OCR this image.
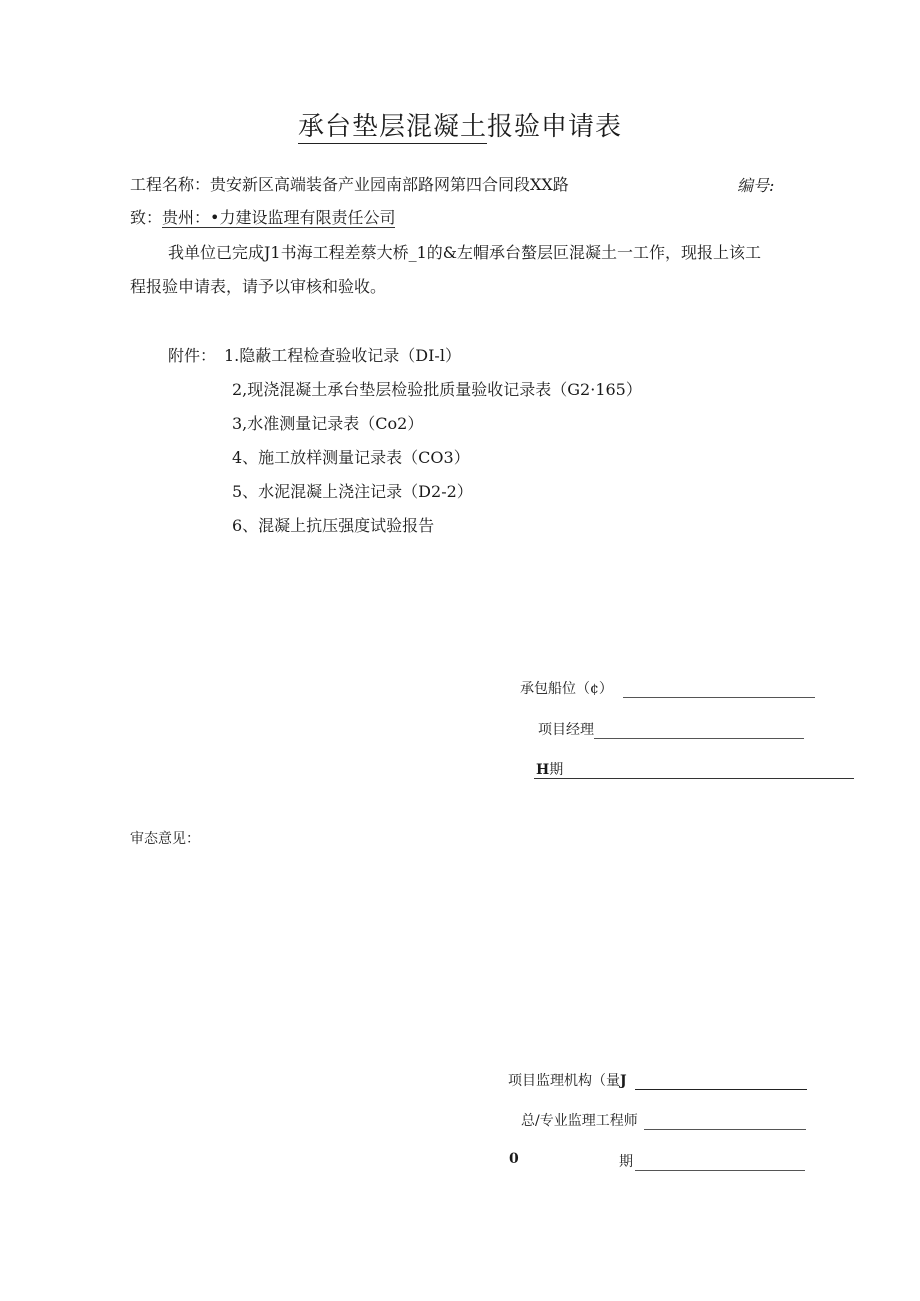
承台垫层混凝土报验申请表
工程名称：贵安新区高端装备产业园南部路网第四合同段XX路	编号:
致：贵州：•力建设监理有限责任公司
我单位已完成J1书海工程差蔡大桥_1的&左帽承台螯层叵混凝土一工作，现报上该工
程报验申请表，请予以审核和验收。
附件： 1.隐蔽工程检查验收记录（DI-l）
2,现浇混凝土承台垫层检验批质量验收记录表（G2·165）
3,水准测量记录表（Co2）
4、施工放样测量记录表（CO3）
5、水泥混凝上浇注记录（D2-2）
6、混凝上抗压强度试验报告
承包船位（¢）
项目经理
H期
审态意见：
项目监理机构（量J
总/专业监理工程师
0	期
